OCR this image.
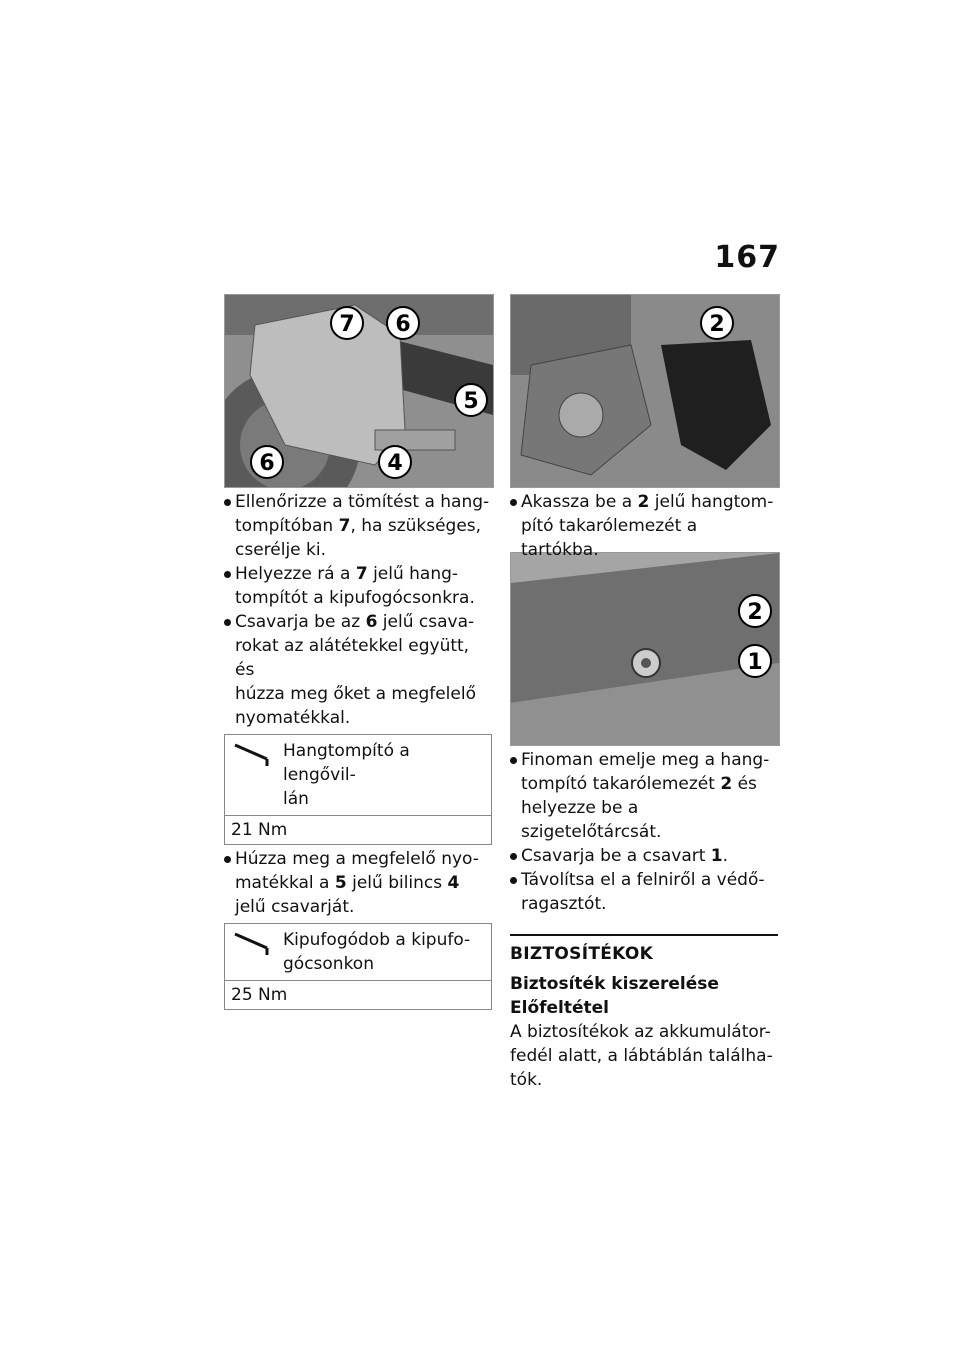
167
7 6
5
6	4
2
2
1
Ellenőrizze a tömítést a hang-
tompítóban 7, ha szükséges,
cserélje ki.
Helyezze rá a 7 jelű hang-
tompítót a kipufogócsonkra.
Csavarja be az 6 jelű csava-
rokat az alátétekkel együtt, és
húzza meg őket a megfelelő
nyomatékkal.
Hangtompító a lengővil-
lán
21 Nm
Húzza meg a megfelelő nyo-
matékkal a 5 jelű bilincs 4
jelű csavarját.
Kipufogódob a kipufo-
gócsonkon
25 Nm
Akassza be a 2 jelű hangtom-
pító takarólemezét a tartókba.
Finoman emelje meg a hang-
tompító takarólemezét 2 és
helyezze be a szigetelőtárcsát.
Csavarja be a csavart 1.
Távolítsa el a felniről a védő-
ragasztót.
BIZTOSÍTÉKOK
Biztosíték kiszerelése
Előfeltétel
A biztosítékok az akkumulátor-
fedél alatt, a lábtáblán találha-
tók.
